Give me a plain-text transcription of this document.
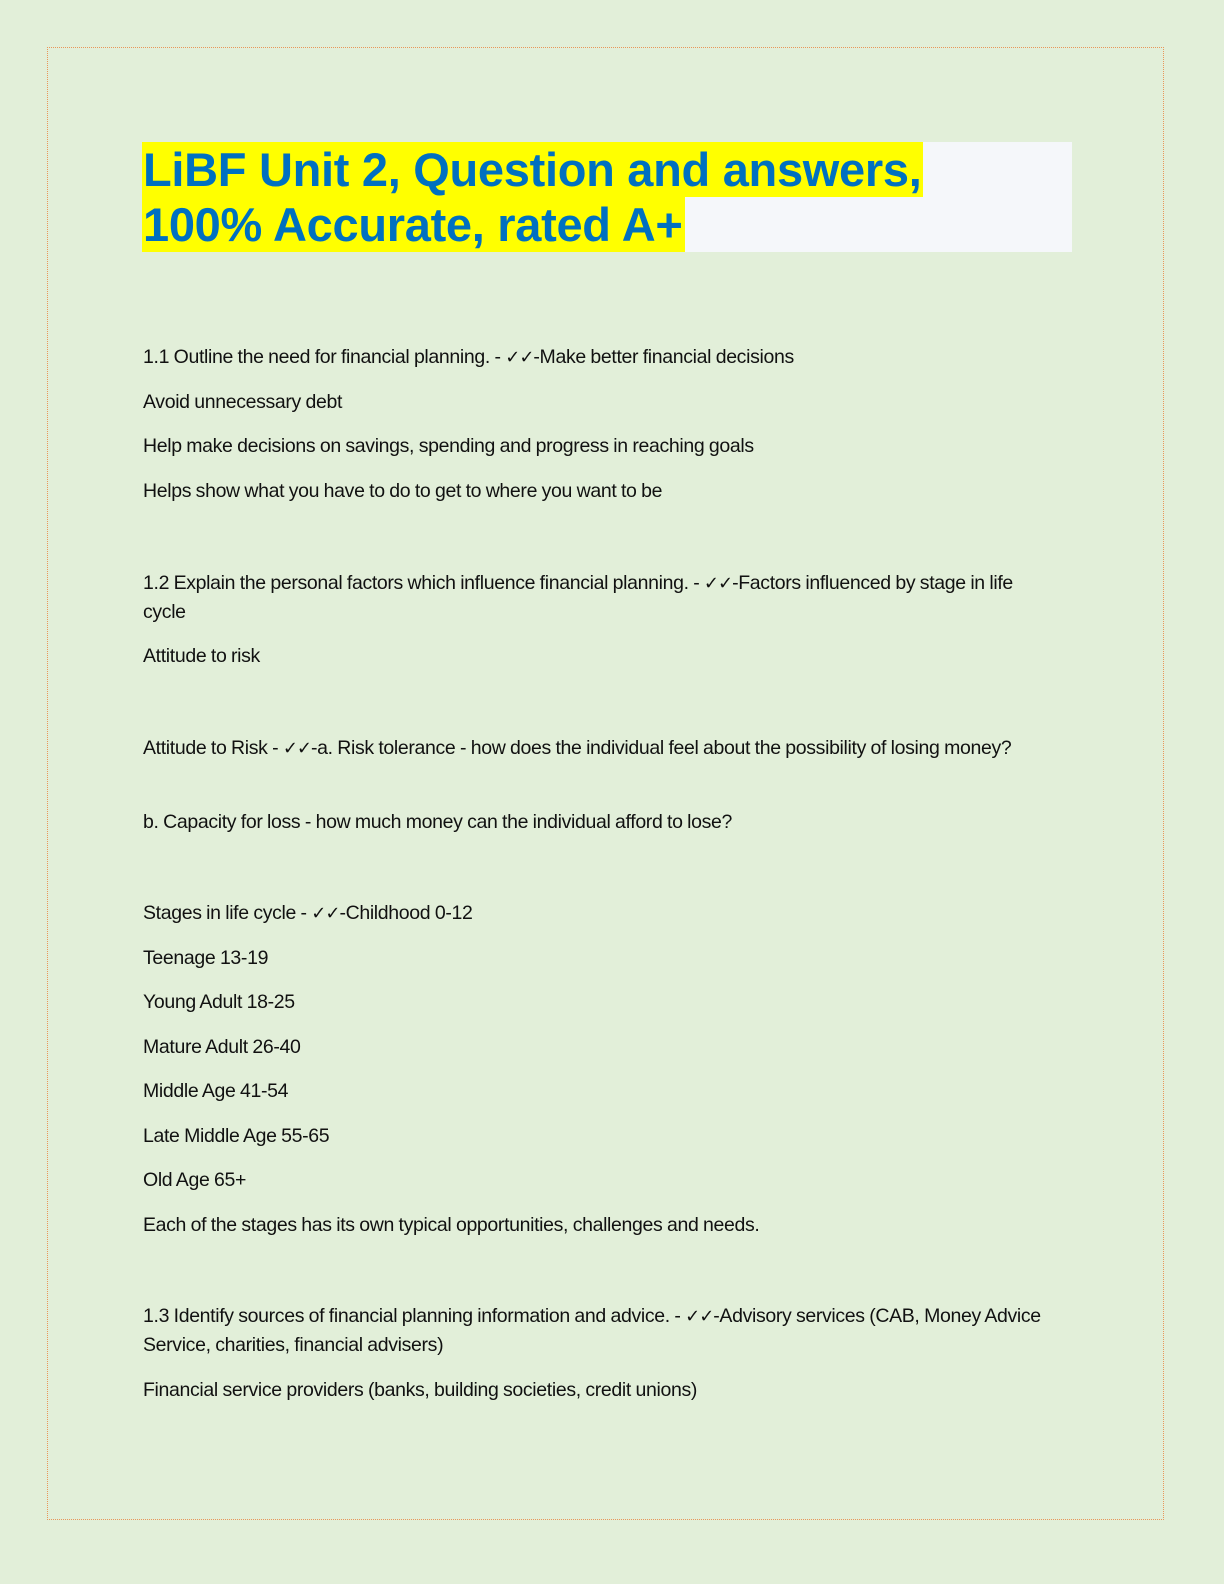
LiBF Unit 2, Question and answers,
100% Accurate, rated A+
1.1 Outline the need for financial planning. - ✓✓-Make better financial decisions
Avoid unnecessary debt
Help make decisions on savings, spending and progress in reaching goals
Helps show what you have to do to get to where you want to be
1.2 Explain the personal factors which influence financial planning. - ✓✓-Factors influenced by stage in life cycle
Attitude to risk
Attitude to Risk - ✓✓-a. Risk tolerance - how does the individual feel about the possibility of losing money?
b. Capacity for loss - how much money can the individual afford to lose?
Stages in life cycle - ✓✓-Childhood 0-12
Teenage 13-19
Young Adult 18-25
Mature Adult 26-40
Middle Age 41-54
Late Middle Age 55-65
Old Age 65+
Each of the stages has its own typical opportunities, challenges and needs.
1.3 Identify sources of financial planning information and advice. - ✓✓-Advisory services (CAB, Money Advice Service, charities, financial advisers)
Financial service providers (banks, building societies, credit unions)
